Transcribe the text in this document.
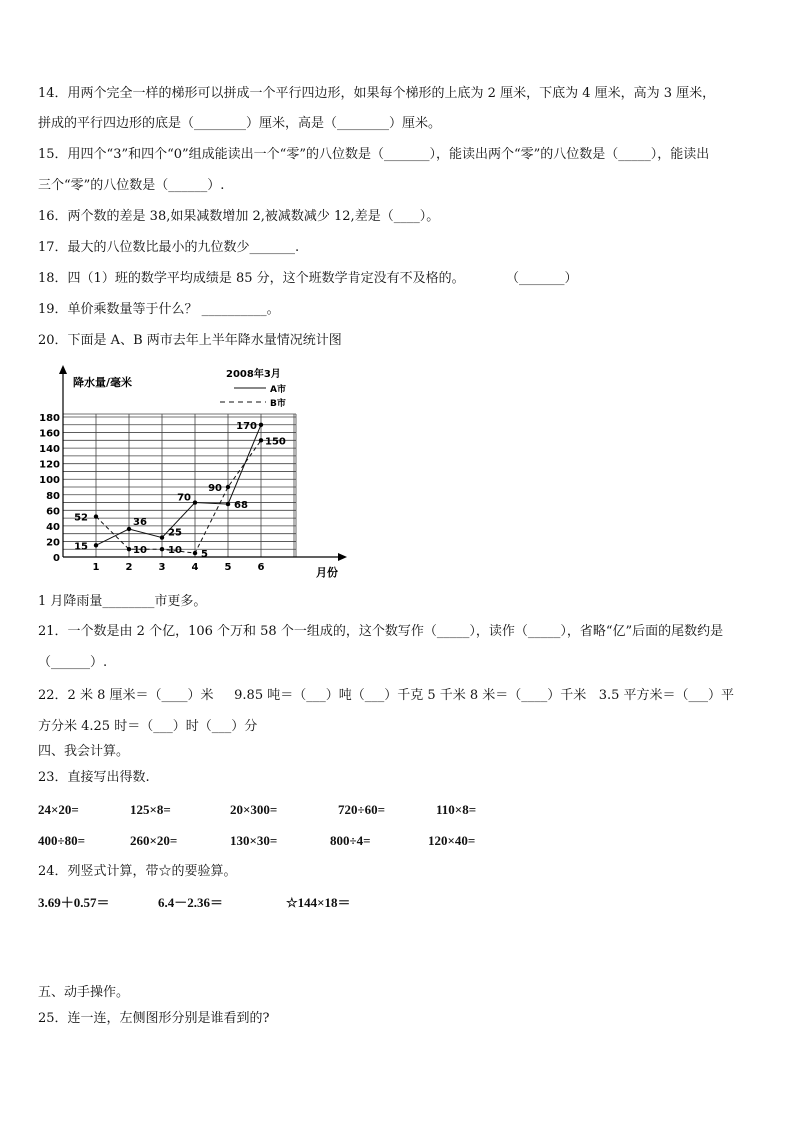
14．用两个完全一样的梯形可以拼成一个平行四边形，如果每个梯形的上底为 2 厘米，下底为 4 厘米，高为 3 厘米，
拼成的平行四边形的底是（________）厘米，高是（________）厘米。
15．用四个“3”和四个“0”组成能读出一个“零”的八位数是（_______），能读出两个“零”的八位数是（_____），能读出
三个“零”的八位数是（______）.
16．两个数的差是 38,如果减数增加 2,被减数减少 12,差是（____）。
17．最大的八位数比最小的九位数少_______.
18．四（1）班的数学平均成绩是 85 分，这个班数学肯定没有不及格的。          （_______）
19．单价乘数量等于什么？ __________。
20．下面是 A、B 两市去年上半年降水量情况统计图
降水量/毫米
月份
0
20
40
60
80
100
120
140
160
180
1	2	3	4	5	6
15
36
25
70
68
170
52
10 10 5
90
150
2008年3月
A市
B市
1 月降雨量________市更多。
21．一个数是由 2 个亿，106 个万和 58 个一组成的，这个数写作（_____），读作（_____），省略“亿”后面的尾数约是
（______）.
22．2 米 8 厘米＝（____）米     9.85 吨＝（___）吨（___）千克 5 千米 8 米＝（____）千米   3.5 平方米＝（___）平
方分米 4.25 时＝（___）时（___）分
四、我会计算。
23．直接写出得数.
24×20=	125×8=	20×300=	720÷60=	110×8=
400÷80=	260×20=	130×30=	800÷4=	120×40=
24．列竖式计算，带☆的要验算。
3.69＋0.57＝	6.4－2.36＝	☆144×18＝
五、动手操作。
25．连一连，左侧图形分别是谁看到的?
